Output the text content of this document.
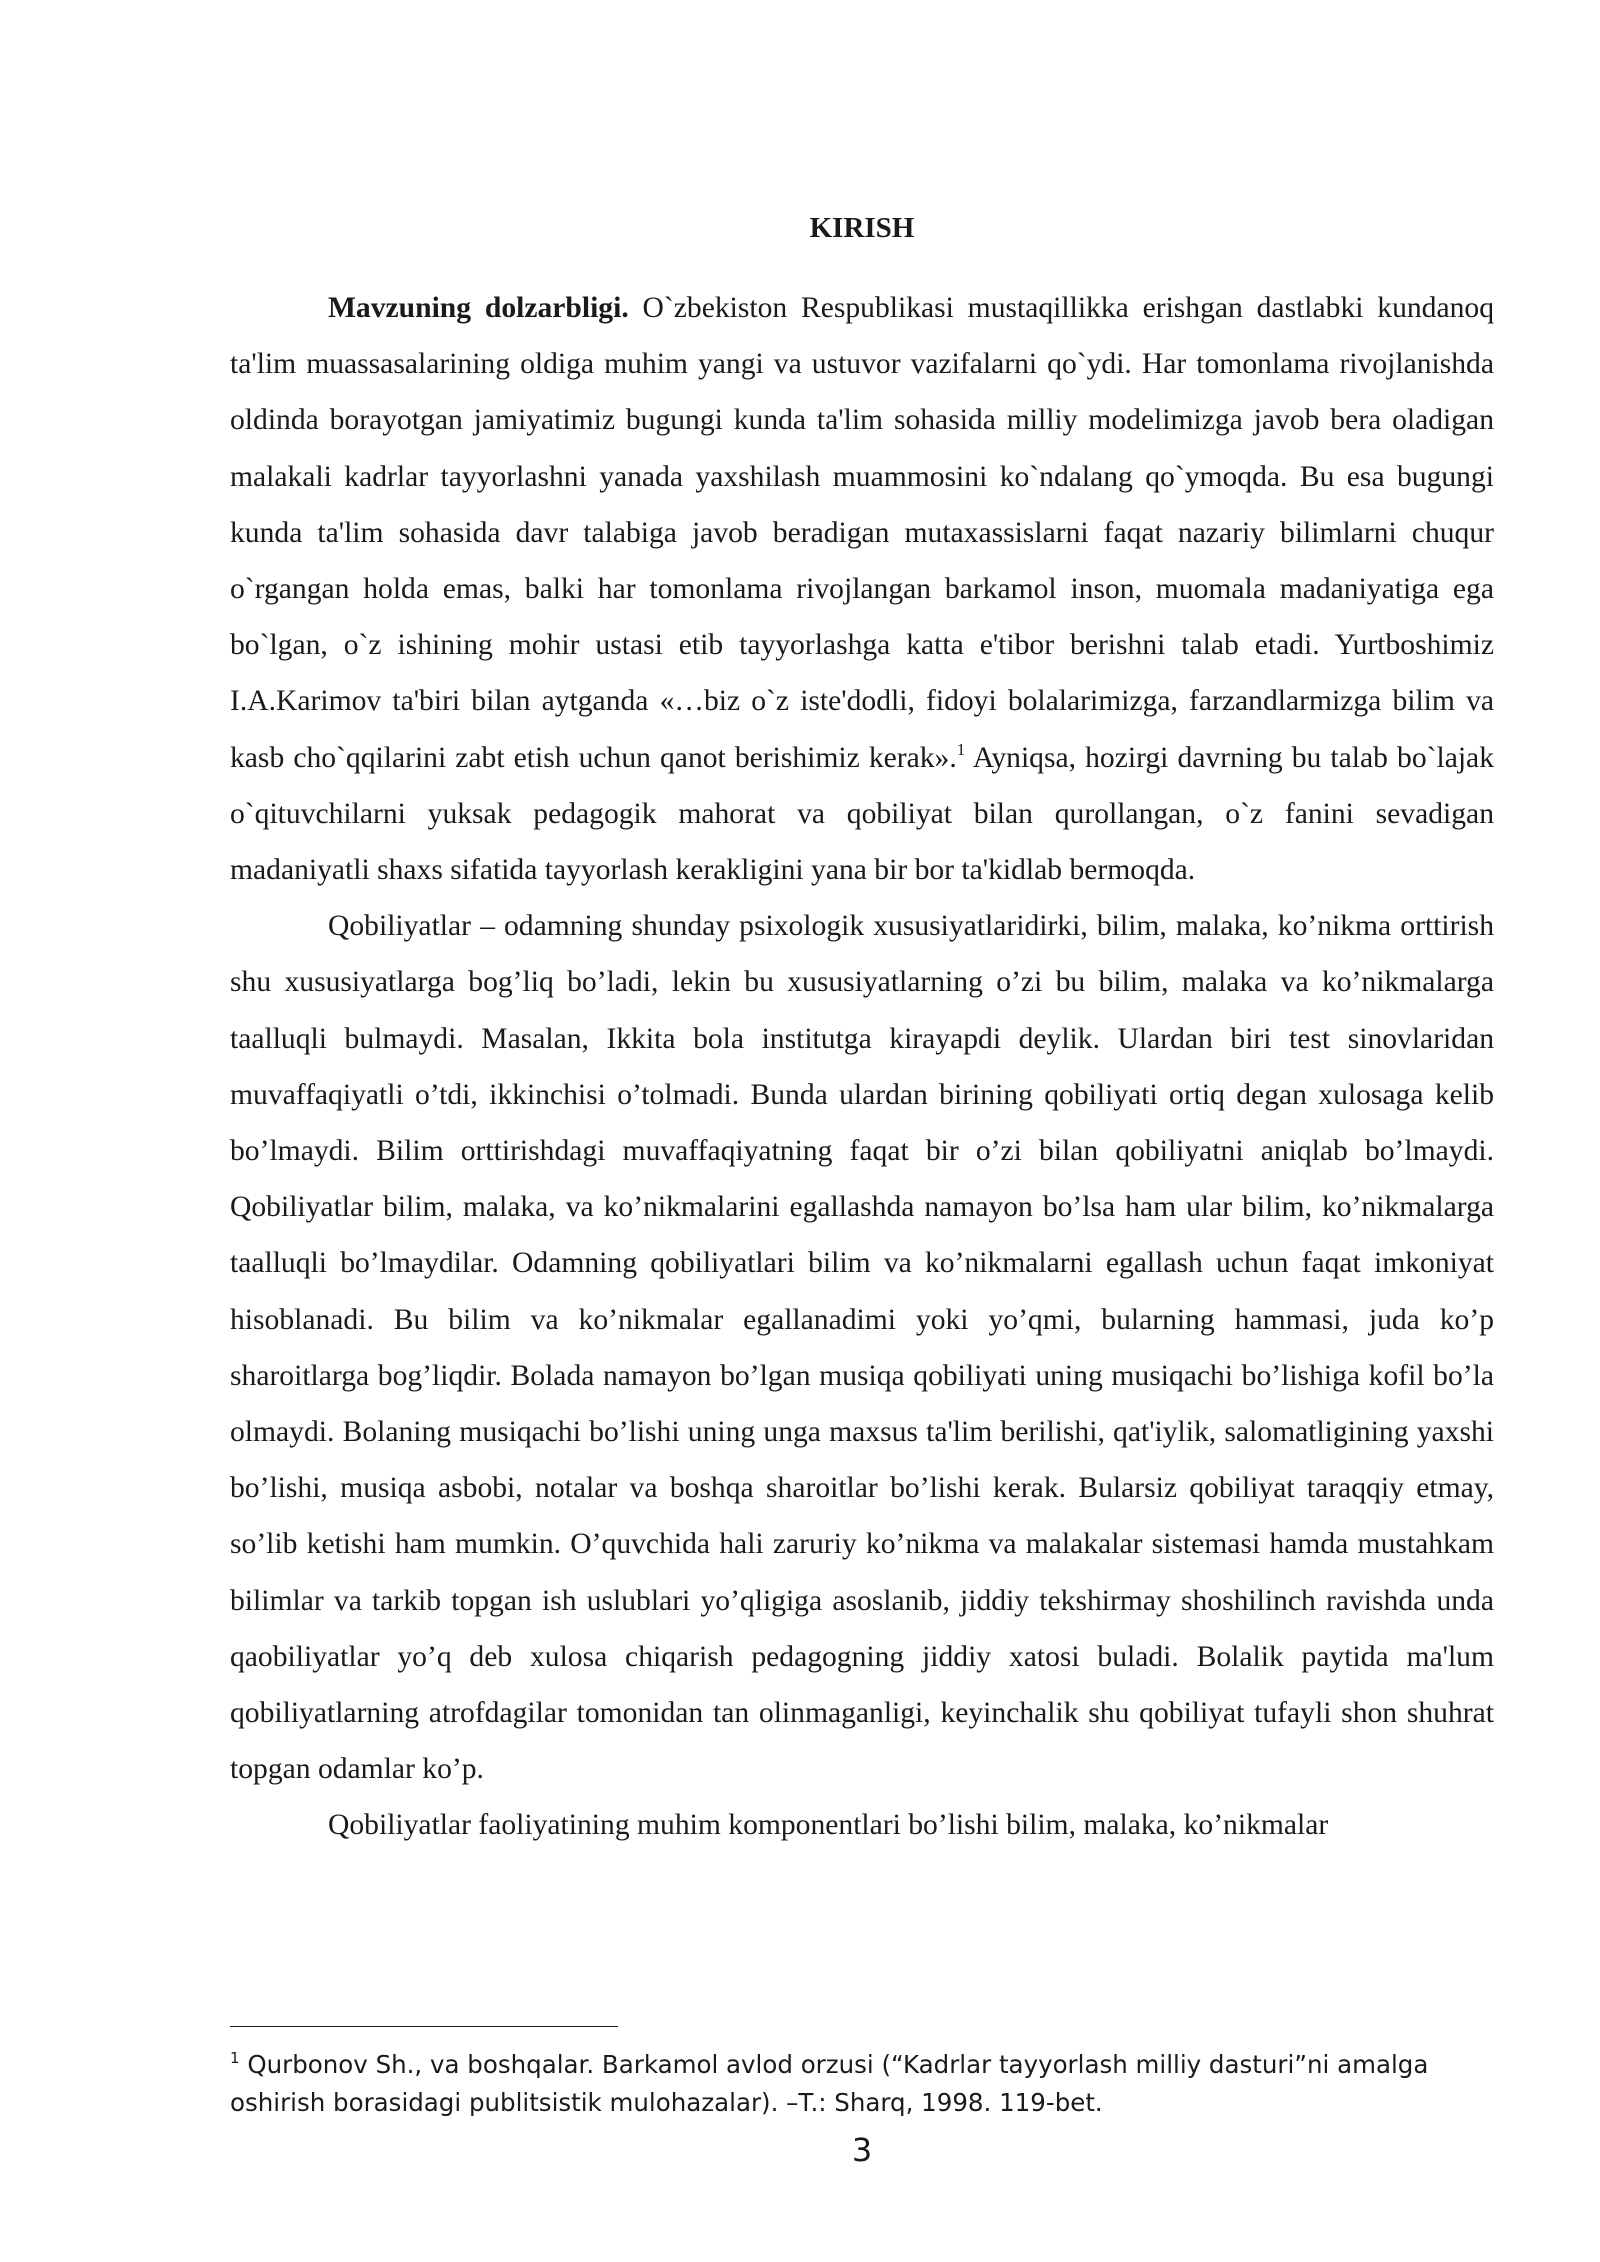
KIRISH

Mavzuning dolzarbligi. O`zbekiston Respublikasi mustaqillikka erishgan dastlabki kundanoq ta'lim muassasalarining oldiga muhim yangi va ustuvor vazifalarni qo`ydi. Har tomonlama rivojlanishda oldinda borayotgan jamiyatimiz bugungi kunda ta'lim sohasida milliy modelimizga javob bera oladigan malakali kadrlar tayyorlashni yanada yaxshilash muammosini ko`ndalang qo`ymoqda. Bu esa bugungi kunda ta'lim sohasida davr talabiga javob beradigan mutaxassislarni faqat nazariy bilimlarni chuqur o`rgangan holda emas, balki har tomonlama rivojlangan barkamol inson, muomala madaniyatiga ega bo`lgan, o`z ishining mohir ustasi etib tayyorlashga katta e'tibor berishni talab etadi. Yurtboshimiz I.A.Karimov ta'biri bilan aytganda «…biz o`z iste'dodli, fidoyi bolalarimizga, farzandlarmizga bilim va kasb cho`qqilarini zabt etish uchun qanot berishimiz kerak».$^1$ Ayniqsa, hozirgi davrning bu talab bo`lajak o`qituvchilarni yuksak pedagogik mahorat va qobiliyat bilan qurollangan, o`z fanini sevadigan madaniyatli shaxs sifatida tayyorlash kerakligini yana bir bor ta'kidlab bermoqda.

Qobiliyatlar – odamning shunday psixologik xususiyatlaridirki, bilim, malaka, ko’nikma orttirish shu xususiyatlarga bog’liq bo’ladi, lekin bu xususiyatlarning o’zi bu bilim, malaka va ko’nikmalarga taalluqli bulmaydi. Masalan, Ikkita bola institutga kirayapdi deylik. Ulardan biri test sinovlaridan muvaffaqiyatli o’tdi, ikkinchisi o’tolmadi. Bunda ulardan birining qobiliyati ortiq degan xulosaga kelib bo’lmaydi. Bilim orttirishdagi muvaffaqiyatning faqat bir o’zi bilan qobiliyatni aniqlab bo’lmaydi. Qobiliyatlar bilim, malaka, va ko’nikmalarini egallashda namayon bo’lsa ham ular bilim, ko’nikmalarga taalluqli bo’lmaydilar. Odamning qobiliyatlari bilim va ko’nikmalarni egallash uchun faqat imkoniyat hisoblanadi. Bu bilim va ko’nikmalar egallanadimi yoki yo’qmi, bularning hammasi, juda ko’p sharoitlarga bog’liqdir. Bolada namayon bo’lgan musiqa qobiliyati uning musiqachi bo’lishiga kofil bo’la olmaydi. Bolaning musiqachi bo’lishi uning unga maxsus ta'lim berilishi, qat'iylik, salomatligining yaxshi bo’lishi, musiqa asbobi, notalar va boshqa sharoitlar bo’lishi kerak. Bularsiz qobiliyat taraqqiy etmay, so’lib ketishi ham mumkin. O’quvchida hali zaruriy ko’nikma va malakalar sistemasi hamda mustahkam bilimlar va tarkib topgan ish uslublari yo’qligiga asoslanib, jiddiy tekshirmay shoshilinch ravishda unda qaobiliyatlar yo’q deb xulosa chiqarish pedagogning jiddiy xatosi buladi. Bolalik paytida ma'lum qobiliyatlarning atrofdagilar tomonidan tan olinmaganligi, keyinchalik shu qobiliyat tufayli shon shuhrat topgan odamlar ko’p.

Qobiliyatlar faoliyatining muhim komponentlari bo’lishi bilim, malaka, ko’nikmalar

$^1$ Qurbonov Sh., va boshqalar. Barkamol avlod orzusi (“Kadrlar tayyorlash milliy dasturi”ni amalga oshirish borasidagi publitsistik mulohazalar). –T.: Sharq, 1998. 119-bet.
3
